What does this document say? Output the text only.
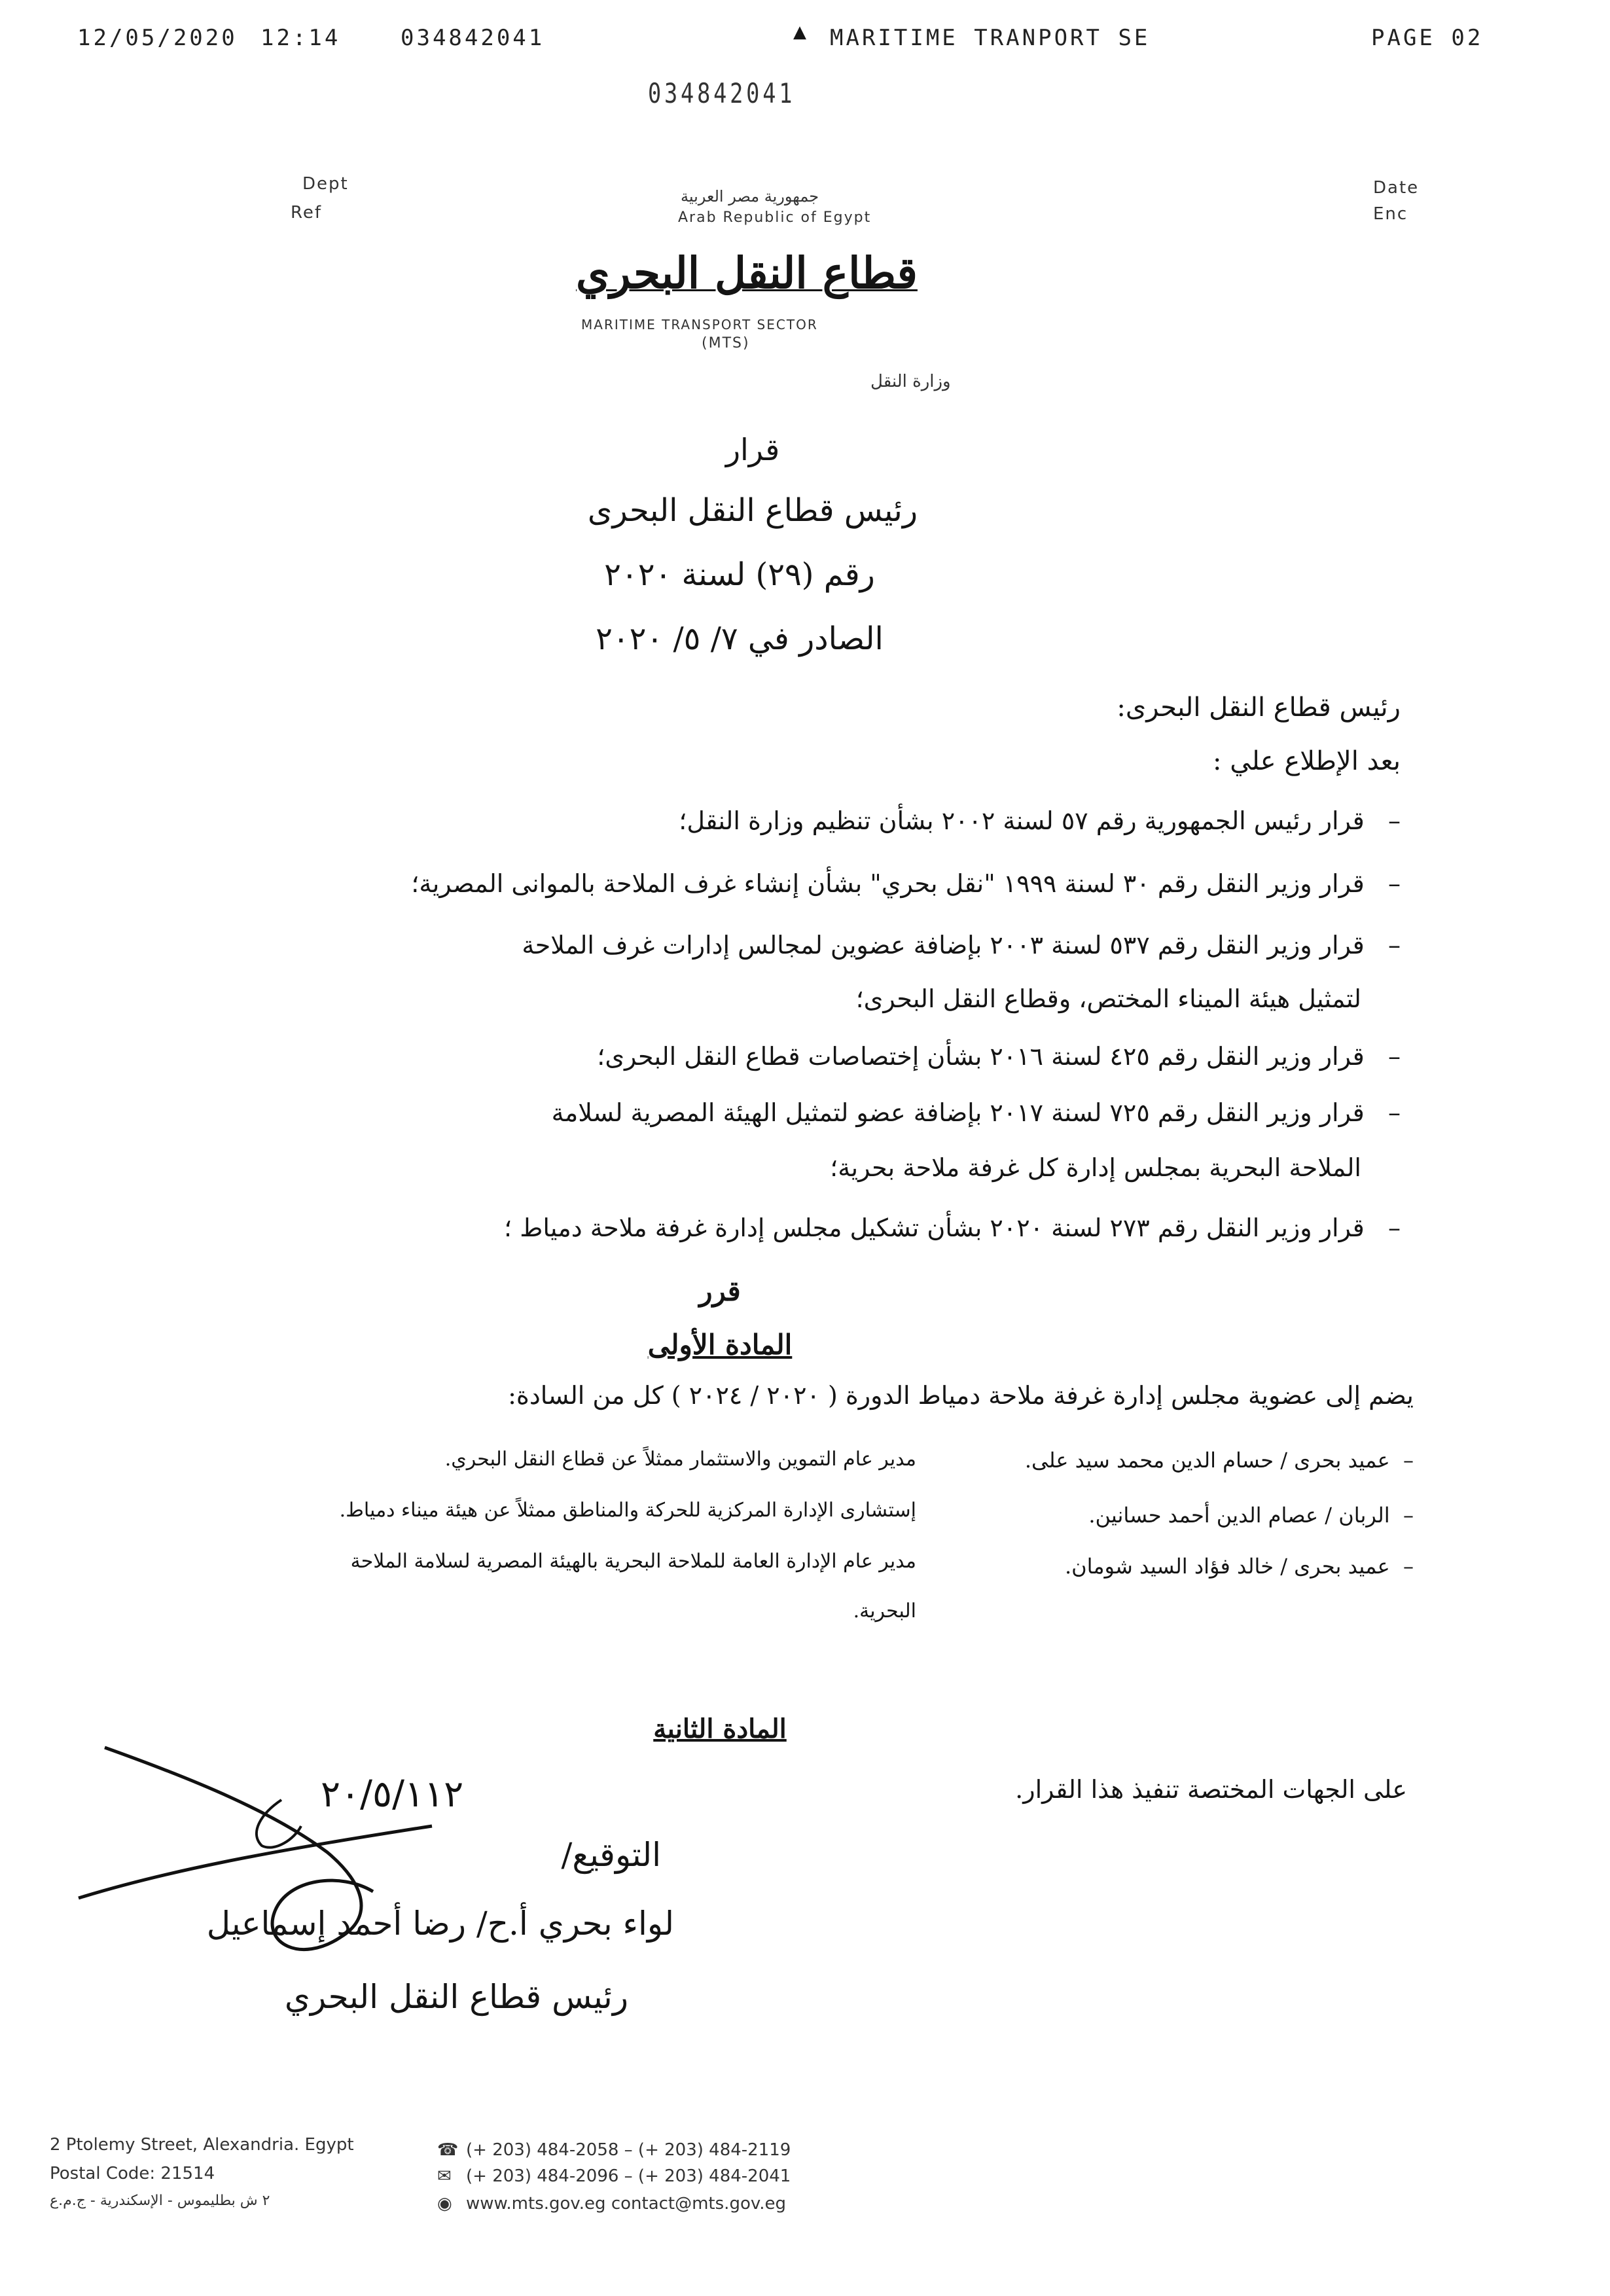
12/05/2020 12:14	034842041	▲ MARITIME TRANPORT SE	PAGE 02
034842041
Dept
Ref
Date
Enc
جمهورية مصر العربية
Arab Republic of Egypt
قطاع النقل البحري
MARITIME TRANSPORT SECTOR
(MTS)
وزارة النقل
قرار
رئيس قطاع النقل البحرى
رقم (٢٩) لسنة ٢٠٢٠
الصادر في ٧/ ٥/ ٢٠٢٠
رئيس قطاع النقل البحرى:
بعد الإطلاع علي :
–   قرار رئيس الجمهورية رقم ٥٧ لسنة ٢٠٠٢ بشأن تنظيم وزارة النقل؛
–   قرار وزير النقل رقم ٣٠ لسنة ١٩٩٩ "نقل بحري" بشأن إنشاء غرف الملاحة بالموانى المصرية؛
–   قرار وزير النقل رقم ٥٣٧ لسنة ٢٠٠٣ بإضافة عضوين لمجالس إدارات غرف الملاحة
لتمثيل هيئة الميناء المختص، وقطاع النقل البحرى؛
–   قرار وزير النقل رقم ٤٢٥ لسنة ٢٠١٦ بشأن إختصاصات قطاع النقل البحرى؛
–   قرار وزير النقل رقم ٧٢٥ لسنة ٢٠١٧ بإضافة عضو لتمثيل الهيئة المصرية لسلامة
الملاحة البحرية بمجلس إدارة كل غرفة ملاحة بحرية؛
–   قرار وزير النقل رقم ٢٧٣ لسنة ٢٠٢٠ بشأن تشكيل مجلس إدارة غرفة ملاحة دمياط ؛
قرر
المادة الأولى
يضم إلى عضوية مجلس إدارة غرفة ملاحة دمياط الدورة ( ٢٠٢٠ / ٢٠٢٤ ) كل من السادة:
–  عميد بحرى / حسام الدين محمد سيد على.
–  الربان / عصام الدين أحمد حسانين.
–  عميد بحرى / خالد فؤاد السيد شومان.
مدير عام التموين والاستثمار ممثلاً عن قطاع النقل البحري.
إستشارى الإدارة المركزية للحركة والمناطق ممثلاً عن هيئة ميناء دمياط.
مدير عام الإدارة العامة للملاحة البحرية بالهيئة المصرية لسلامة الملاحة
البحرية.
المادة الثانية
على الجهات المختصة تنفيذ هذا القرار.
٢٠/٥/١١٢
التوقيع/
لواء بحري أ.ح/ رضا أحمد إسماعيل
رئيس قطاع النقل البحري
2 Ptolemy Street, Alexandria. Egypt
Postal Code: 21514
٢ ش بطليموس - الإسكندرية - ج.م.ع
☎ (+ 203) 484-2058 – (+ 203) 484-2119
✉ (+ 203) 484-2096 – (+ 203) 484-2041
◉ www.mts.gov.eg contact@mts.gov.eg
